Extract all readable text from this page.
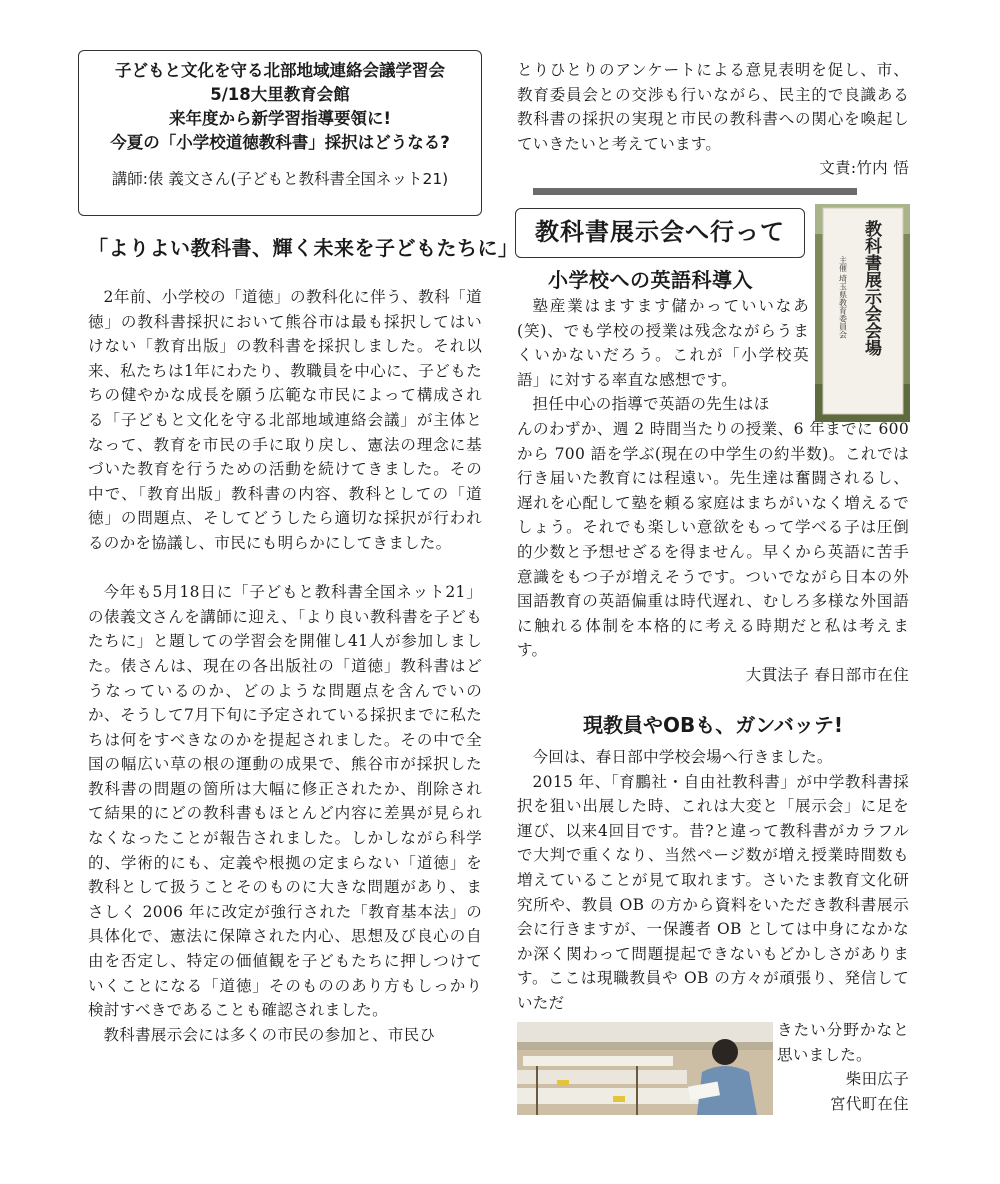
子どもと文化を守る北部地域連絡会議学習会
5/18大里教育会館
来年度から新学習指導要領に!
今夏の「小学校道徳教科書」採択はどうなる?
講師:俵 義文さん(子どもと教科書全国ネット21)
「よりよい教科書、輝く未来を子どもたちに」

2年前、小学校の「道徳」の教科化に伴う、教科「道徳」の教科書採択において熊谷市は最も採択してはいけない「教育出版」の教科書を採択しました。それ以来、私たちは1年にわたり、教職員を中心に、子どもたちの健やかな成長を願う広範な市民によって構成される「子どもと文化を守る北部地域連絡会議」が主体となって、教育を市民の手に取り戻し、憲法の理念に基づいた教育を行うための活動を続けてきました。その中で、「教育出版」教科書の内容、教科としての「道徳」の問題点、そしてどうしたら適切な採択が行われるのかを協議し、市民にも明らかにしてきました。

今年も5月18日に「子どもと教科書全国ネット21」の俵義文さんを講師に迎え、「より良い教科書を子どもたちに」と題しての学習会を開催し41人が参加しました。俵さんは、現在の各出版社の「道徳」教科書はどうなっているのか、どのような問題点を含んでいのか、そうして7月下旬に予定されている採択までに私たちは何をすべきなのかを提起されました。その中で全国の幅広い草の根の運動の成果で、熊谷市が採択した教科書の問題の箇所は大幅に修正されたか、削除されて結果的にどの教科書もほとんど内容に差異が見られなくなったことが報告されました。しかしながら科学的、学術的にも、定義や根拠の定まらない「道徳」を教科として扱うことそのものに大きな問題があり、まさしく 2006 年に改定が強行された「教育基本法」の具体化で、憲法に保障された内心、思想及び良心の自由を否定し、特定の価値観を子どもたちに押しつけていくことになる「道徳」そのもののあり方もしっかり検討すべきであることも確認されました。

教科書展示会には多くの市民の参加と、市民ひ

とりひとりのアンケートによる意見表明を促し、市、教育委員会との交渉も行いながら、民主的で良識ある教科書の採択の実現と市民の教科書への関心を喚起していきたいと考えています。

文責:竹内 悟

教科書展示会へ行って	教科書展示会会場
主催 埼玉県教育委員会
小学校への英語科導入

塾産業はますます儲かっていいなあ(笑)、でも学校の授業は残念ながらうまくいかないだろう。これが「小学校英語」に対する率直な感想です。

担任中心の指導で英語の先生はほ

んのわずか、週 2 時間当たりの授業、6 年までに 600 から 700 語を学ぶ(現在の中学生の約半数)。これでは行き届いた教育には程遠い。先生達は奮闘されるし、遅れを心配して塾を頼る家庭はまちがいなく増えるでしょう。それでも楽しい意欲をもって学べる子は圧倒的少数と予想せざるを得ません。早くから英語に苦手意識をもつ子が増えそうです。ついでながら日本の外国語教育の英語偏重は時代遅れ、むしろ多様な外国語に触れる体制を本格的に考える時期だと私は考えます。

大貫法子 春日部市在住

現教員やOBも、ガンバッテ!

今回は、春日部中学校会場へ行きました。

2015 年、「育鵬社・自由社教科書」が中学教科書採択を狙い出展した時、これは大変と「展示会」に足を運び、以来4回目です。昔?と違って教科書がカラフルで大判で重くなり、当然ページ数が増え授業時間数も増えていることが見て取れます。さいたま教育文化研究所や、教員 OB の方から資料をいただき教科書展示会に行きますが、一保護者 OB としては中身になかなか深く関わって問題提起できないもどかしさがあります。ここは現職教員や OB の方々が頑張り、発信していただ

きたい分野かなと思いました。

柴田広子

宮代町在住
